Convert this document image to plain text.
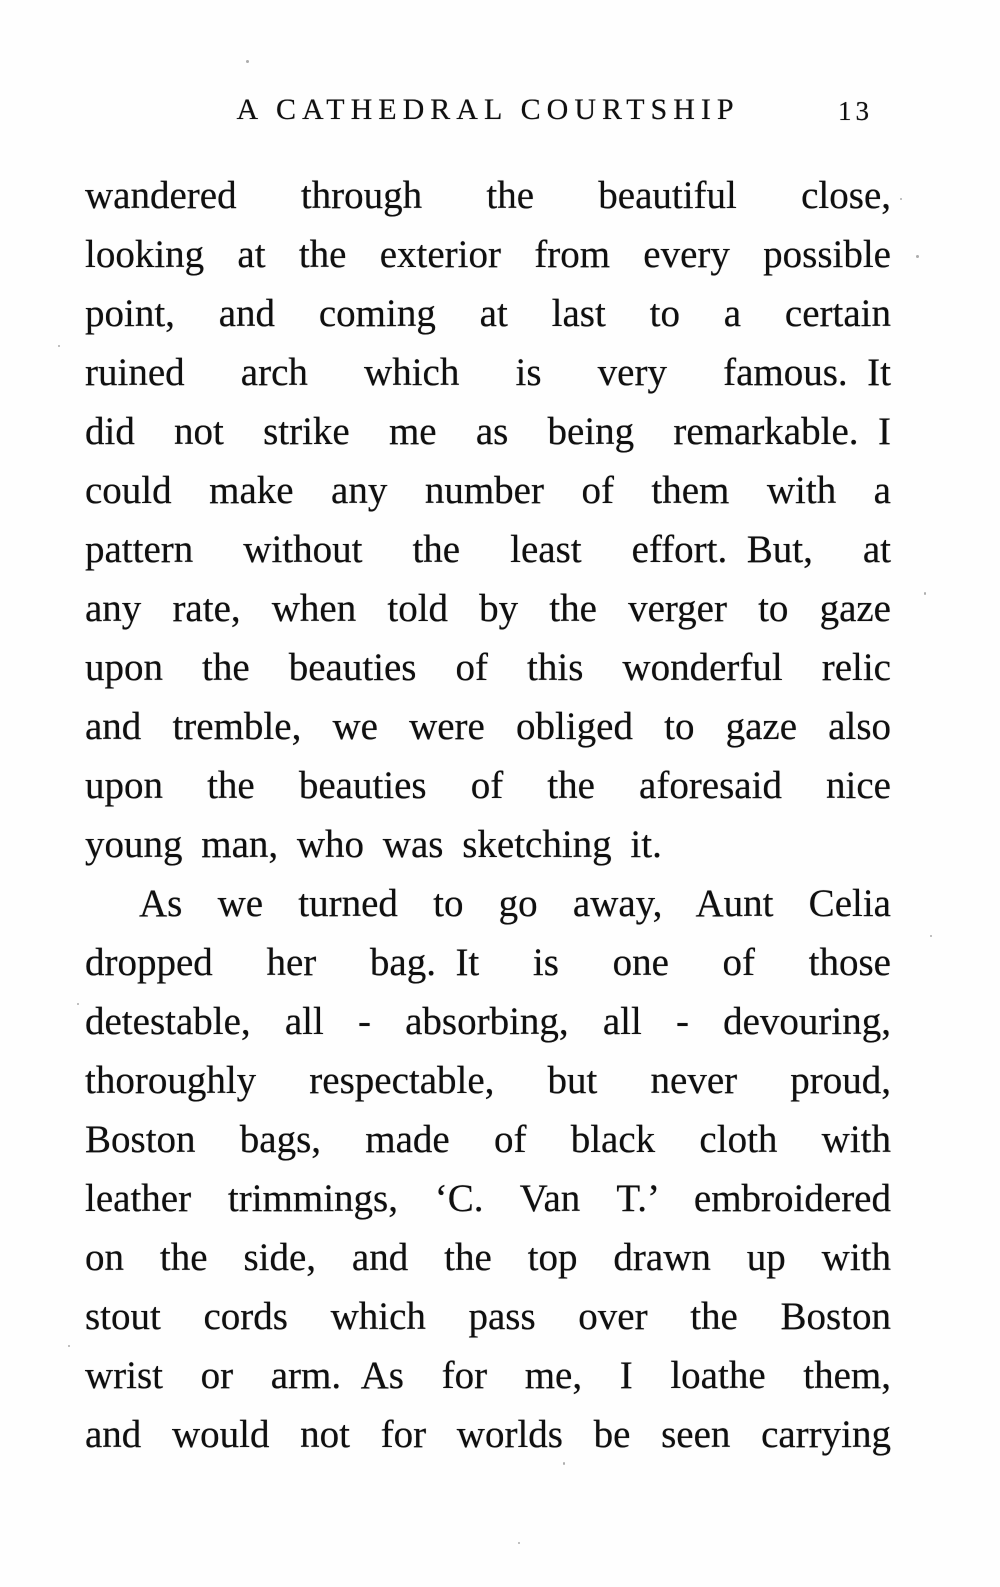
A CATHEDRAL COURTSHIP	13
wandered through the beautiful close,
looking at the exterior from every possible
point, and coming at last to a certain
ruined arch which is very famous. It
did not strike me as being remarkable. I
could make any number of them with a
pattern without the least effort. But, at
any rate, when told by the verger to gaze
upon the beauties of this wonderful relic
and tremble, we were obliged to gaze also
upon the beauties of the aforesaid nice
young man, who was sketching it.
As we turned to go away, Aunt Celia
dropped her bag. It is one of those
detestable, all - absorbing, all - devouring,
thoroughly respectable, but never proud,
Boston bags, made of black cloth with
leather trimmings, ‘C. Van T.’ embroidered
on the side, and the top drawn up with
stout cords which pass over the Boston
wrist or arm. As for me, I loathe them,
and would not for worlds be seen carrying
